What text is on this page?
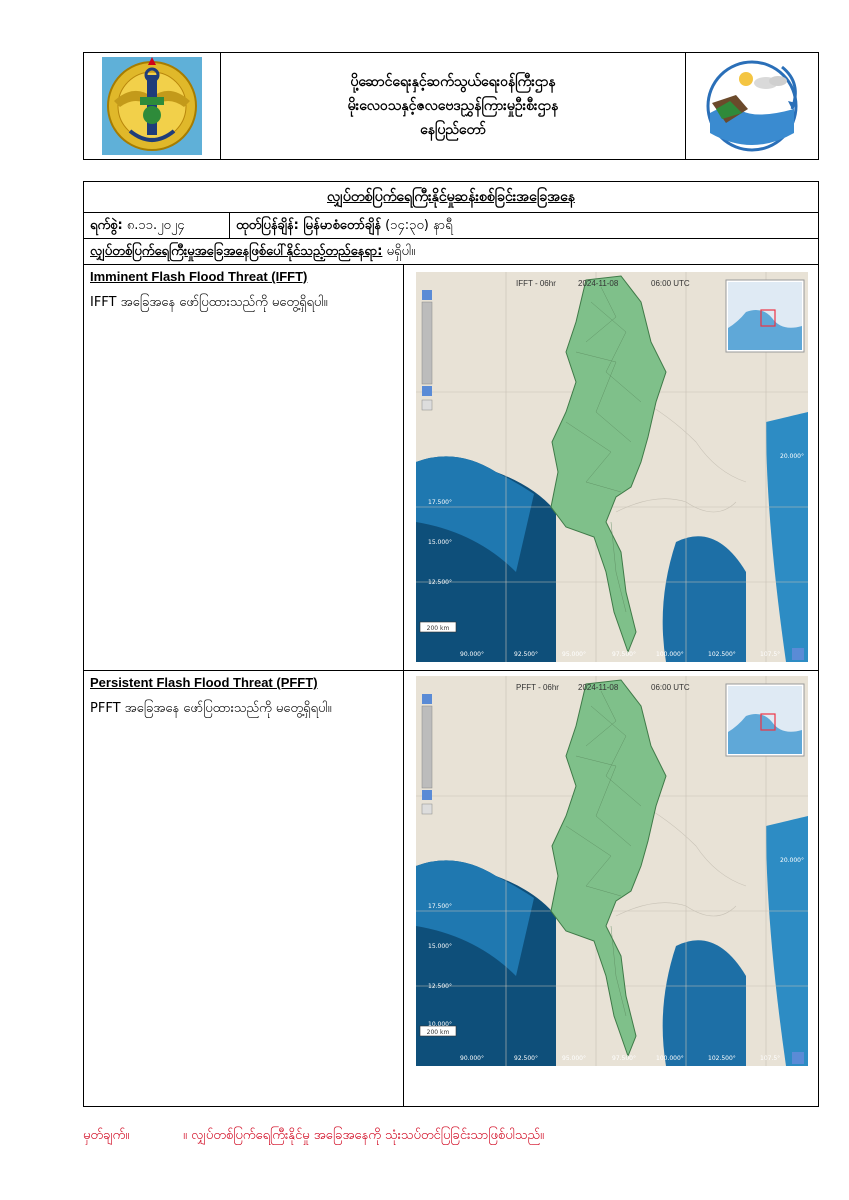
ပို့ဆောင်ရေးနှင့်ဆက်သွယ်ရေးဝန်ကြီးဌာန
မိုးလေဝသနှင့်ဇလဗေဒညွှန်ကြားမှုဦးစီးဌာန
နေပြည်တော်
လျှပ်တစ်ပြက်ရေကြီးနိုင်မှုဆန်းစစ်ခြင်းအခြေအနေ
ရက်စွဲ: ၈.၁၁.၂၀၂၄	ထုတ်ပြန်ချိန်: မြန်မာစံတော်ချိန် (၁၄:၃၀) နာရီ
လျှပ်တစ်ပြက်ရေကြီးမှုအခြေအနေဖြစ်ပေါ်နိုင်သည့်တည်နေရာ: မရှိပါ။
Imminent Flash Flood Threat (IFFT)

IFFT အခြေအနေ ဖော်ပြထားသည်ကို မတွေ့ရှိရပါ။

200 km
IFFT - 06hr	2024-11-08	06:00 UTC
17.500°
15.000°
12.500°
20.000°
90.000°	92.500°	95.000°	97.500°	100.000°	102.500°	107.5°
Persistent Flash Flood Threat (PFFT)

PFFT အခြေအနေ ဖော်ပြထားသည်ကို မတွေ့ရှိရပါ။

200 km
PFFT - 06hr 2024-11-08	06:00 UTC
17.500°
15.000°
12.500°
10.000°
20.000°
90.000°	92.500°	95.000°	97.500°	100.000°	102.500°	107.5°
မှတ်ချက်။	။ လျှပ်တစ်ပြက်ရေကြီးနိုင်မှု အခြေအနေကို သုံးသပ်တင်ပြခြင်းသာဖြစ်ပါသည်။
